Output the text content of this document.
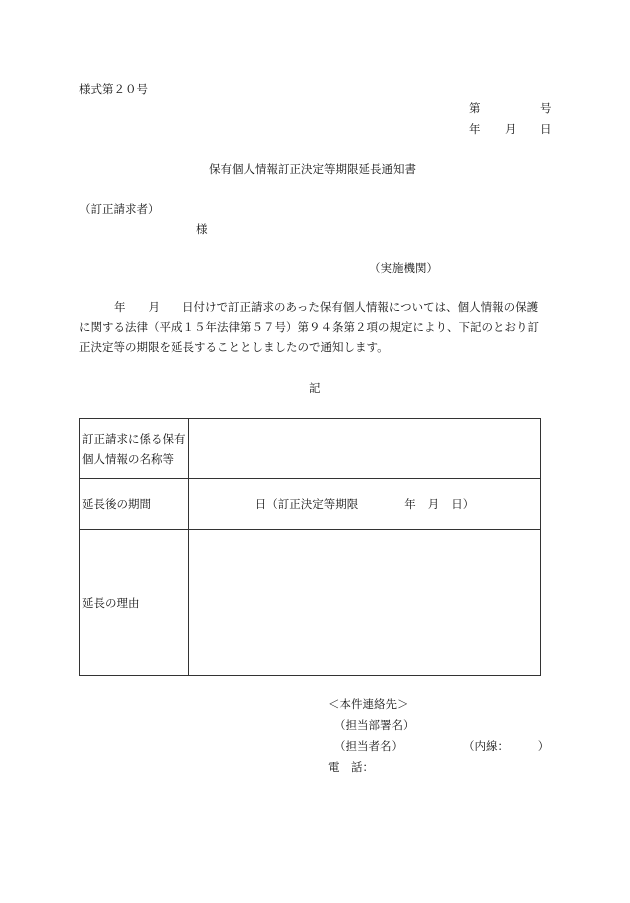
様式第２０号
第	号
年 月 日
保有個人情報訂正決定等期限延長通知書
（訂正請求者）
様
（実施機関）

年 月 日付けで訂正請求のあった保有個人情報については、個人情報の保護

に関する法律（平成１５年法律第５７号）第９４条第２項の規定により、下記のとおり訂

正決定等の期限を延長することとしましたので通知します。

記
訂正請求に係る保有
個人情報の名称等	

延長後の期間	日（訂正決定等期限 年 月 日）

延長の理由	

＜本件連絡先＞
（担当部署名）
（担当者名）	（内線：　　　）
電　話：
